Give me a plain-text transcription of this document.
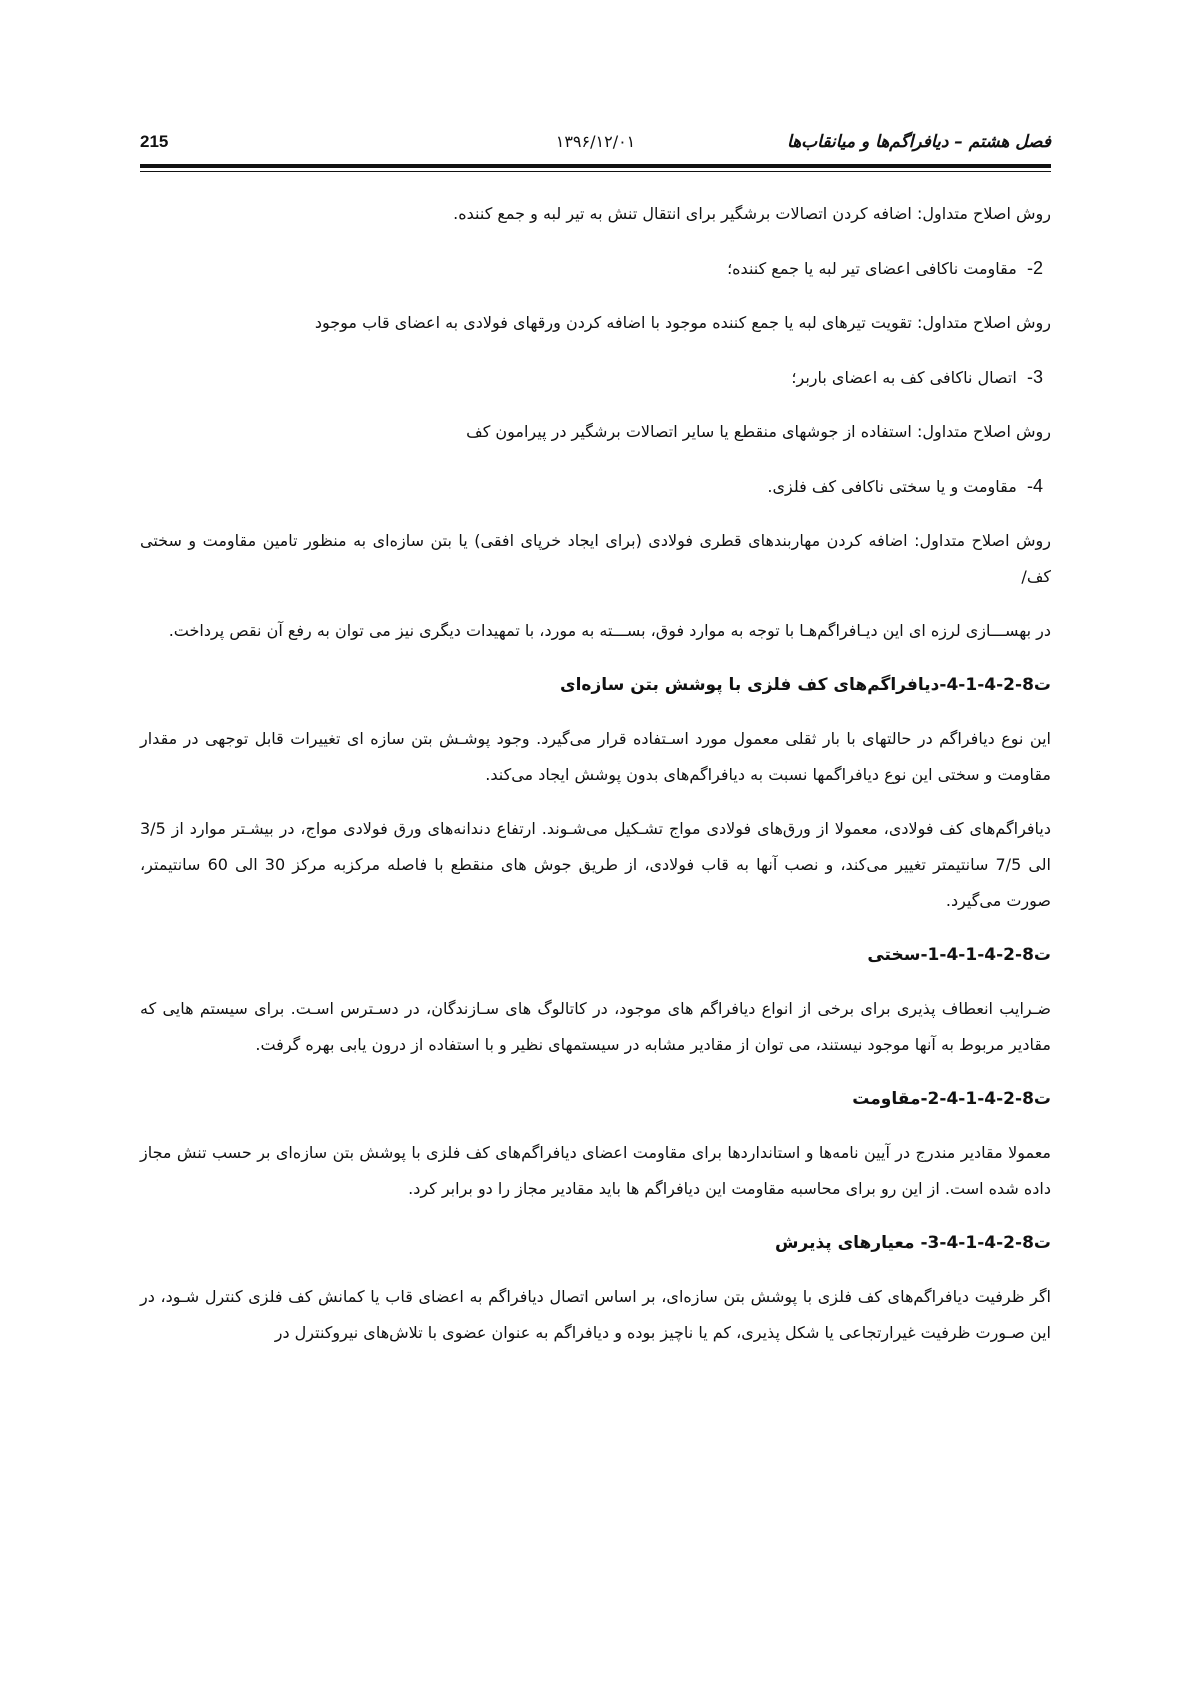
فصل هشتم – دیافراگم‌ها و میانقاب‌ها
۱۳۹۶/۱۲/۰۱
215

روش اصلاح متداول: اضافه کردن اتصالات برشگیر برای انتقال تنش به تیر لبه و جمع کننده.

2-  مقاومت ناکافی اعضای تیر لبه یا جمع کننده؛

روش اصلاح متداول: تقویت تیرهای لبه یا جمع کننده موجود با اضافه کردن ورقهای فولادی به اعضای قاب موجود

3-  اتصال ناکافی کف به اعضای باربر؛

روش اصلاح متداول: استفاده از جوشهای منقطع یا سایر اتصالات برشگیر در پیرامون کف

4-  مقاومت و یا سختی ناکافی کف فلزی.

روش اصلاح متداول: اضافه کردن مهاربندهای قطری فولادی (برای ایجاد خرپای افقی) یا بتن سازه‌ای به منظور تامین مقاومت و سختی کف/

در بهســـازی لرزه ای این دیـافراگم‌هـا با توجه به موارد فوق، بســـته به مورد، با تمهیدات دیگری نیز می توان به رفع آن نقص پرداخت.

ت8-2-4-1-4-دیافراگم‌های کف فلزی با پوشش بتن سازه‌ای

این نوع دیافراگم در حالتهای با بار ثقلی معمول مورد اسـتفاده قرار می‌گیرد. وجود پوشـش بتن سازه ای تغییرات قابل توجهی در مقدار مقاومت و سختی این نوع دیافراگمها نسبت به دیافراگم‌های بدون پوشش ایجاد می‌کند.

دیافراگم‌های کف فولادی، معمولا از ورق‌های فولادی مواج تشـکیل می‌شـوند. ارتفاع دندانه‌های ورق فولادی مواج، در بیشـتر موارد از 3/5 الی 7/5 سانتیمتر تغییر می‌کند، و نصب آنها به قاب فولادی، از طریق جوش های منقطع با فاصله مرکزبه مرکز 30 الی 60 سانتیمتر، صورت می‌گیرد.

ت8-2-4-1-4-1-سختی

ضـرایب انعطاف پذیری برای برخی از انواع دیافراگم های موجود، در کاتالوگ های سـازندگان، در دسـترس اسـت. برای سیستم هایی که مقادیر مربوط به آنها موجود نیستند، می توان از مقادیر مشابه در سیستمهای نظیر و با استفاده از درون یابی بهره گرفت.

ت8-2-4-1-4-2-مقاومت

معمولا مقادیر مندرج در آیین نامه‌ها و استانداردها برای مقاومت اعضای دیافراگم‌های کف فلزی با پوشش بتن سازه‌ای بر حسب تنش مجاز داده شده است. از این رو برای محاسبه مقاومت این دیافراگم ها باید مقادیر مجاز را دو برابر کرد.

ت8-2-4-1-4-3- معیارهای پذیرش

اگر ظرفیت دیافراگم‌های کف فلزی با پوشش بتن سازه‌ای، بر اساس اتصال دیافراگم به اعضای قاب یا کمانش کف فلزی کنترل شـود، در این صـورت ظرفیت غیرارتجاعی یا شکل پذیری، کم یا ناچیز بوده و دیافراگم به عنوان عضوی با تلاش‌های نیروکنترل در
